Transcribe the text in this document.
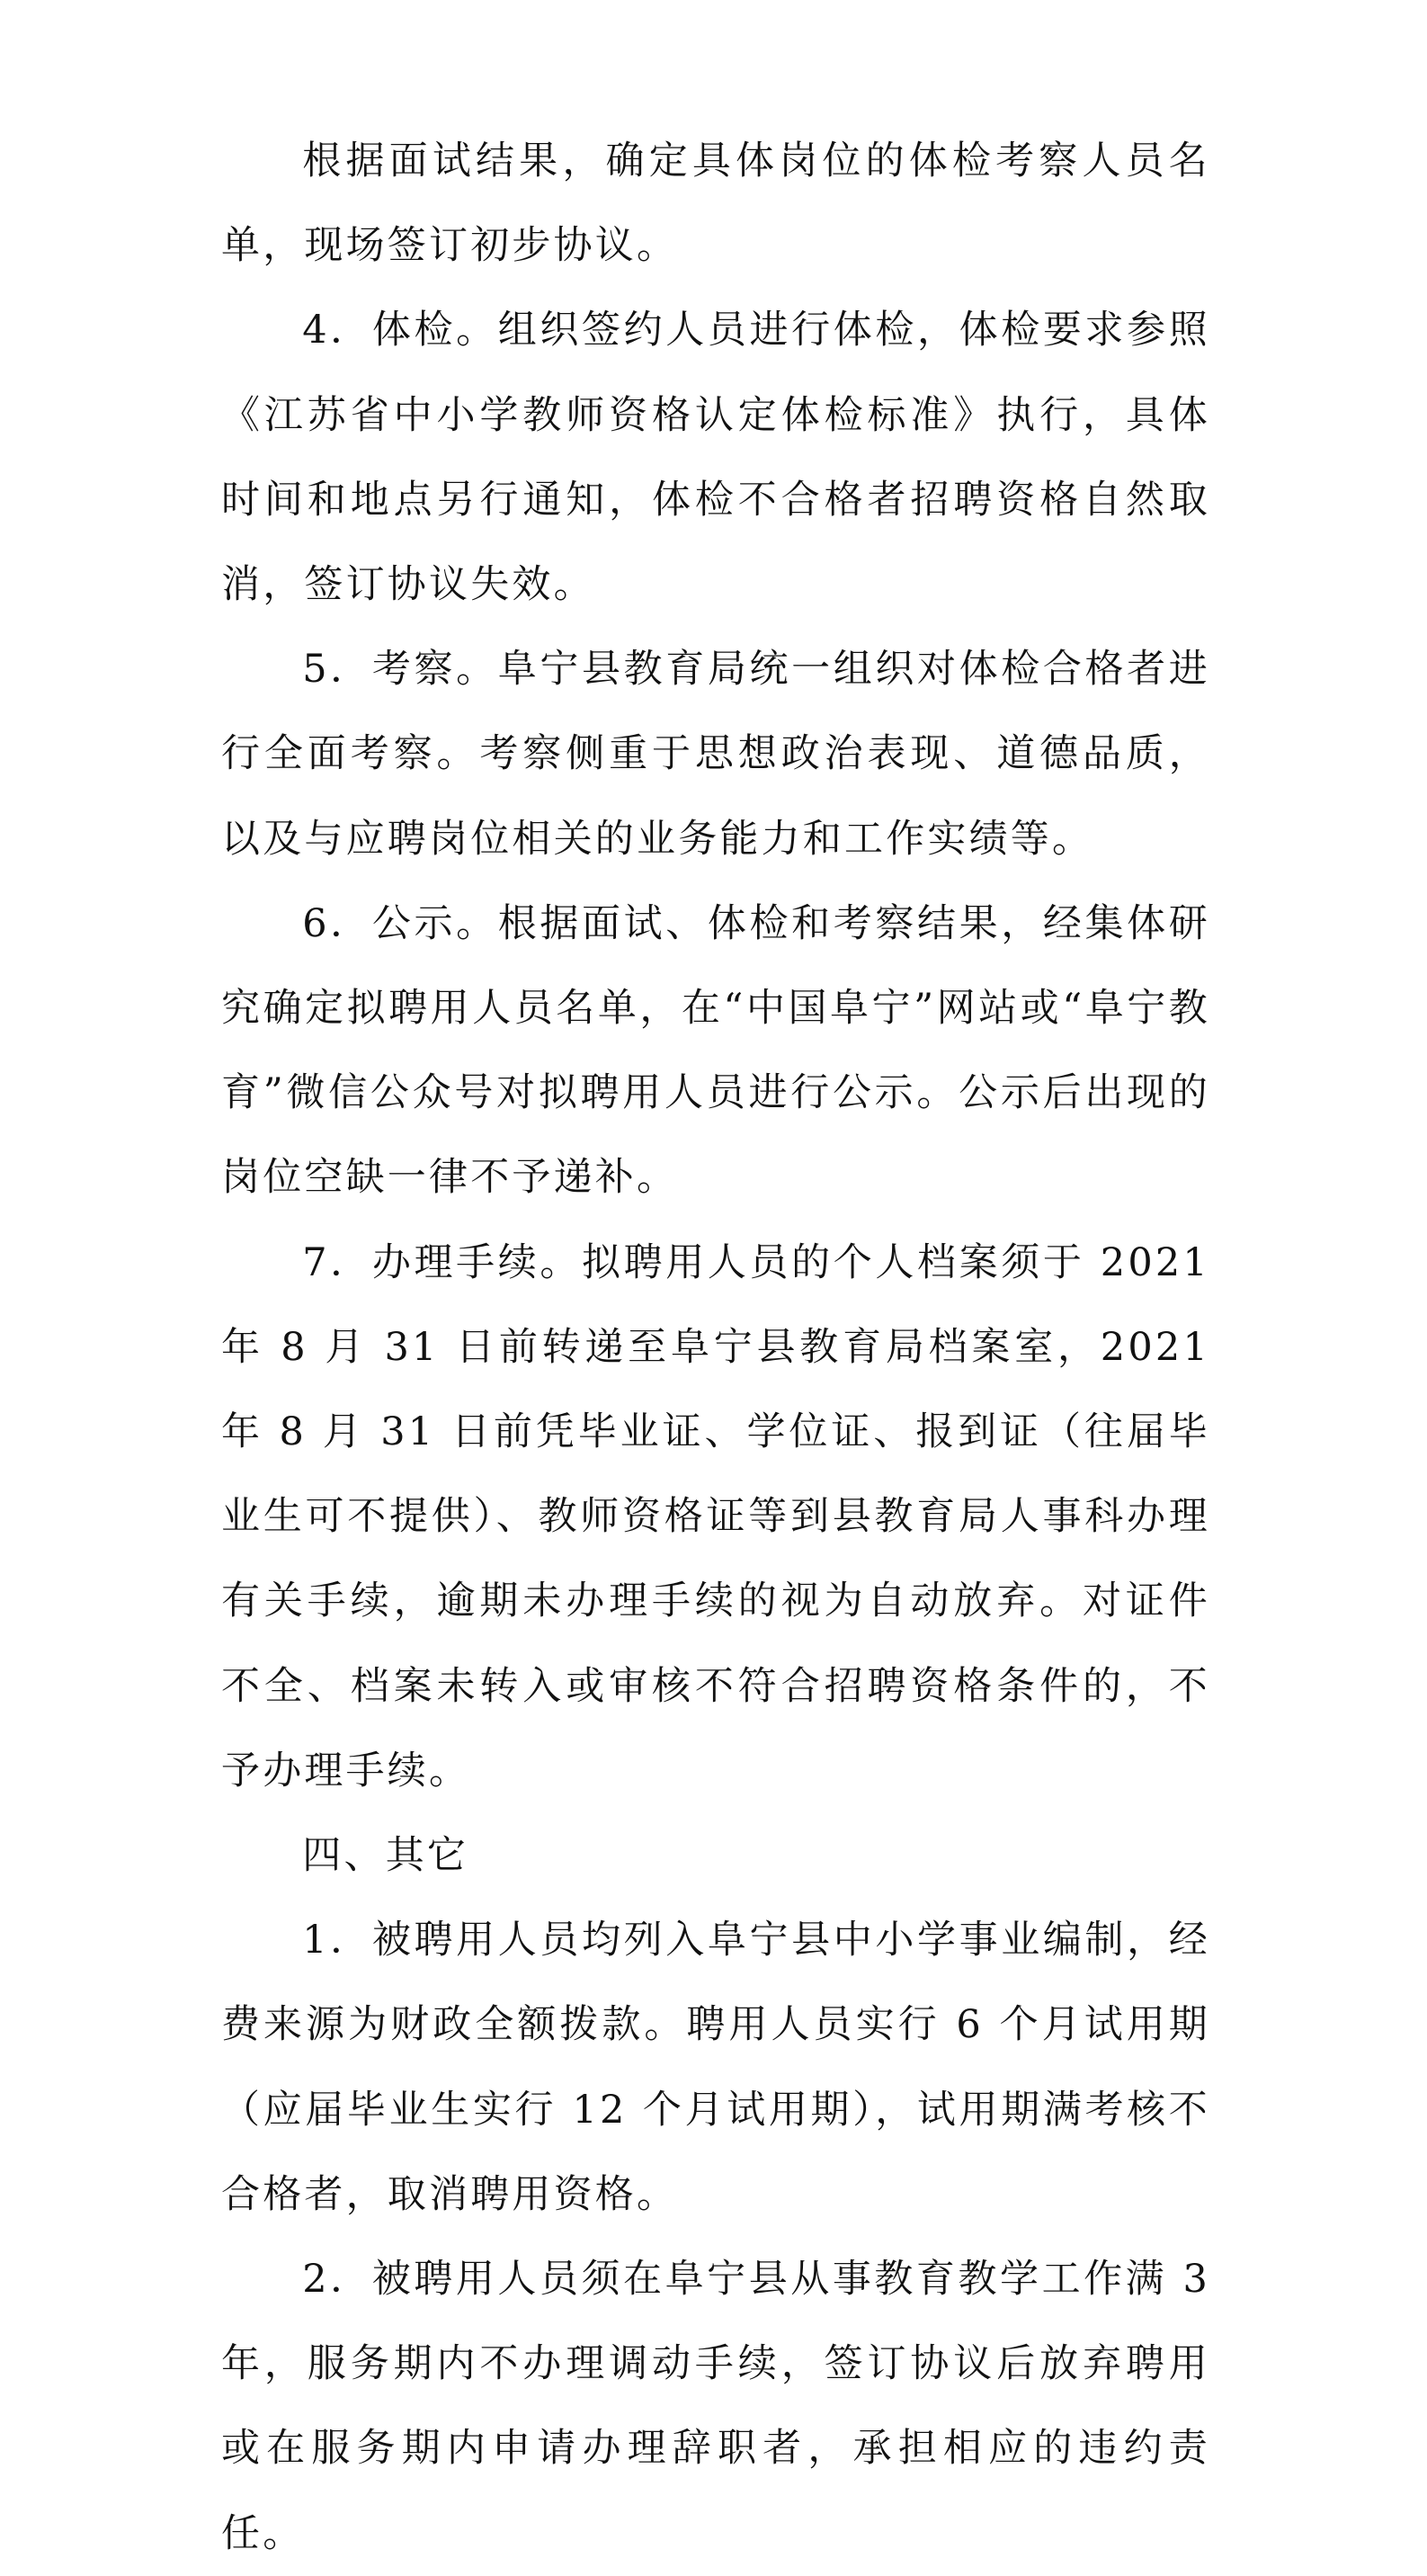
根据面试结果，确定具体岗位的体检考察人员名单，现场签订初步协议。

4．体检。组织签约人员进行体检，体检要求参照《江苏省中小学教师资格认定体检标准》执行，具体时间和地点另行通知，体检不合格者招聘资格自然取消，签订协议失效。

5．考察。阜宁县教育局统一组织对体检合格者进行全面考察。考察侧重于思想政治表现、道德品质，以及与应聘岗位相关的业务能力和工作实绩等。

6．公示。根据面试、体检和考察结果，经集体研究确定拟聘用人员名单，在“中国阜宁”网站或“阜宁教育”微信公众号对拟聘用人员进行公示。公示后出现的岗位空缺一律不予递补。

7．办理手续。拟聘用人员的个人档案须于 2021 年 8 月 31 日前转递至阜宁县教育局档案室，2021 年 8 月 31 日前凭毕业证、学位证、报到证（往届毕业生可不提供）、教师资格证等到县教育局人事科办理有关手续，逾期未办理手续的视为自动放弃。对证件不全、档案未转入或审核不符合招聘资格条件的，不予办理手续。

四、其它

1．被聘用人员均列入阜宁县中小学事业编制，经费来源为财政全额拨款。聘用人员实行 6 个月试用期（应届毕业生实行 12 个月试用期），试用期满考核不合格者，取消聘用资格。

2．被聘用人员须在阜宁县从事教育教学工作满 3 年，服务期内不办理调动手续，签订协议后放弃聘用或在服务期内申请办理辞职者，承担相应的违约责任。
